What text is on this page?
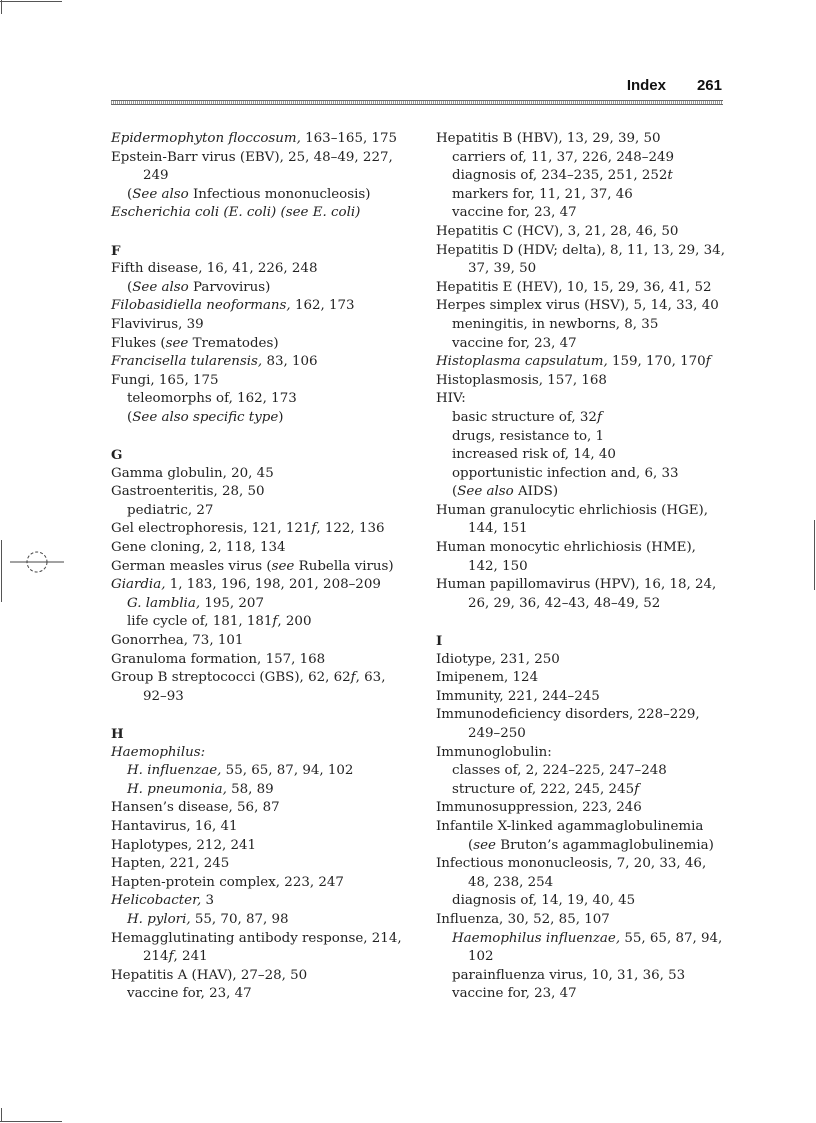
Index 261
Epidermophyton floccosum, 163–165, 175
Epstein-Barr virus (EBV), 25, 48–49, 227,
249
(See also Infectious mononucleosis)
Escherichia coli (E. coli) (see E. coli)
F
Fifth disease, 16, 41, 226, 248
(See also Parvovirus)
Filobasidiella neoformans, 162, 173
Flavivirus, 39
Flukes (see Trematodes)
Francisella tularensis, 83, 106
Fungi, 165, 175
teleomorphs of, 162, 173
(See also specific type)
G
Gamma globulin, 20, 45
Gastroenteritis, 28, 50
pediatric, 27
Gel electrophoresis, 121, 121f, 122, 136
Gene cloning, 2, 118, 134
German measles virus (see Rubella virus)
Giardia, 1, 183, 196, 198, 201, 208–209
G. lamblia, 195, 207
life cycle of, 181, 181f, 200
Gonorrhea, 73, 101
Granuloma formation, 157, 168
Group B streptococci (GBS), 62, 62f, 63,
92–93
H
Haemophilus:
H. influenzae, 55, 65, 87, 94, 102
H. pneumonia, 58, 89
Hansen’s disease, 56, 87
Hantavirus, 16, 41
Haplotypes, 212, 241
Hapten, 221, 245
Hapten-protein complex, 223, 247
Helicobacter, 3
H. pylori, 55, 70, 87, 98
Hemagglutinating antibody response, 214,
214f, 241
Hepatitis A (HAV), 27–28, 50
vaccine for, 23, 47
Hepatitis B (HBV), 13, 29, 39, 50
carriers of, 11, 37, 226, 248–249
diagnosis of, 234–235, 251, 252t
markers for, 11, 21, 37, 46
vaccine for, 23, 47
Hepatitis C (HCV), 3, 21, 28, 46, 50
Hepatitis D (HDV; delta), 8, 11, 13, 29, 34,
37, 39, 50
Hepatitis E (HEV), 10, 15, 29, 36, 41, 52
Herpes simplex virus (HSV), 5, 14, 33, 40
meningitis, in newborns, 8, 35
vaccine for, 23, 47
Histoplasma capsulatum, 159, 170, 170f
Histoplasmosis, 157, 168
HIV:
basic structure of, 32f
drugs, resistance to, 1
increased risk of, 14, 40
opportunistic infection and, 6, 33
(See also AIDS)
Human granulocytic ehrlichiosis (HGE),
144, 151
Human monocytic ehrlichiosis (HME),
142, 150
Human papillomavirus (HPV), 16, 18, 24,
26, 29, 36, 42–43, 48–49, 52
I
Idiotype, 231, 250
Imipenem, 124
Immunity, 221, 244–245
Immunodeficiency disorders, 228–229,
249–250
Immunoglobulin:
classes of, 2, 224–225, 247–248
structure of, 222, 245, 245f
Immunosuppression, 223, 246
Infantile X-linked agammaglobulinemia
(see Bruton’s agammaglobulinemia)
Infectious mononucleosis, 7, 20, 33, 46,
48, 238, 254
diagnosis of, 14, 19, 40, 45
Influenza, 30, 52, 85, 107
Haemophilus influenzae, 55, 65, 87, 94,
102
parainfluenza virus, 10, 31, 36, 53
vaccine for, 23, 47
